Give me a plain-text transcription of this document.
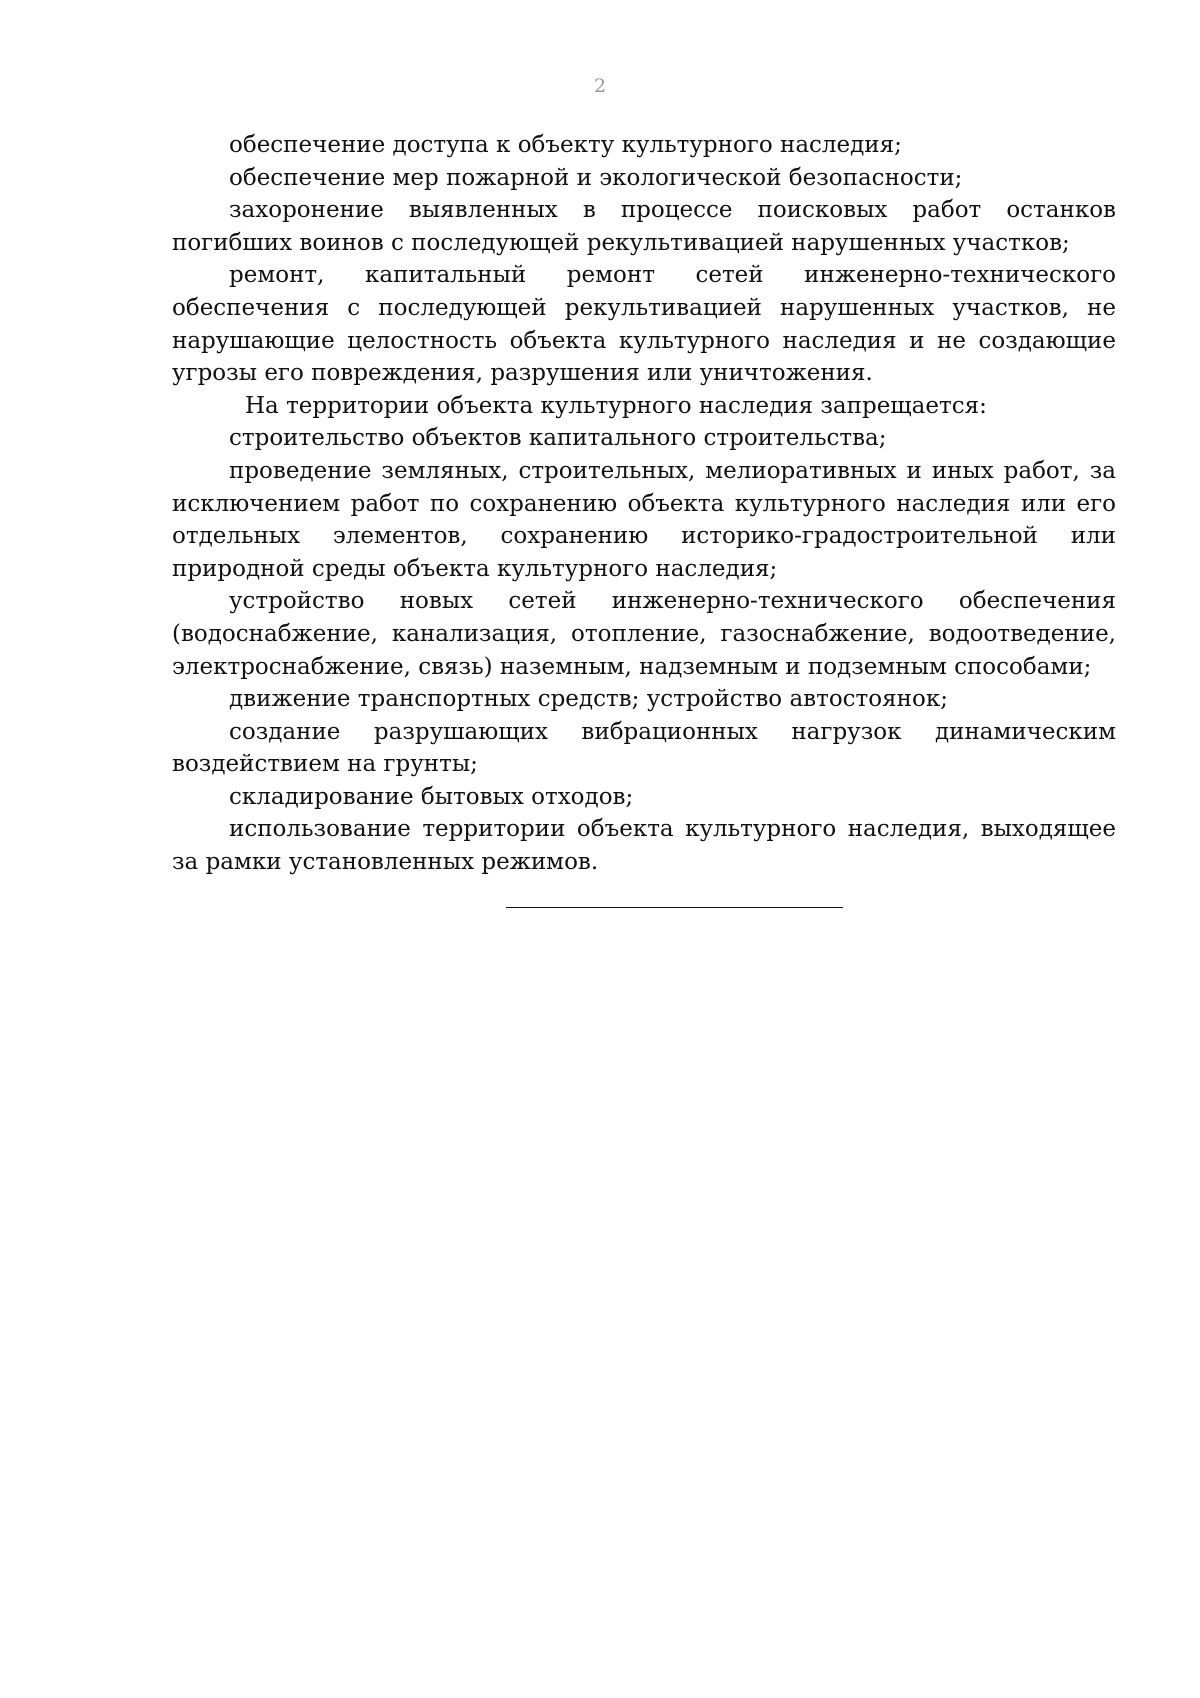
2

обеспечение доступа к объекту культурного наследия;

обеспечение мер пожарной и экологической безопасности;

захоронение выявленных в процессе поисковых работ останков погибших воинов с последующей рекультивацией нарушенных участков;

ремонт, капитальный ремонт сетей инженерно-технического обеспечения с последующей рекультивацией нарушенных участков, не нарушающие целостность объекта культурного наследия и не создающие угрозы его повреждения, разрушения или уничтожения.

На территории объекта культурного наследия запрещается:

строительство объектов капитального строительства;

проведение земляных, строительных, мелиоративных и иных работ, за исключением работ по сохранению объекта культурного наследия или его отдельных элементов, сохранению историко-градостроительной или природной среды объекта культурного наследия;

устройство новых сетей инженерно-технического обеспечения (водоснабжение, канализация, отопление, газоснабжение, водоотведение, электроснабжение, связь) наземным, надземным и подземным способами;

движение транспортных средств; устройство автостоянок;

создание разрушающих вибрационных нагрузок динамическим воздействием на грунты;

складирование бытовых отходов;

использование территории объекта культурного наследия, выходящее за рамки установленных режимов.
